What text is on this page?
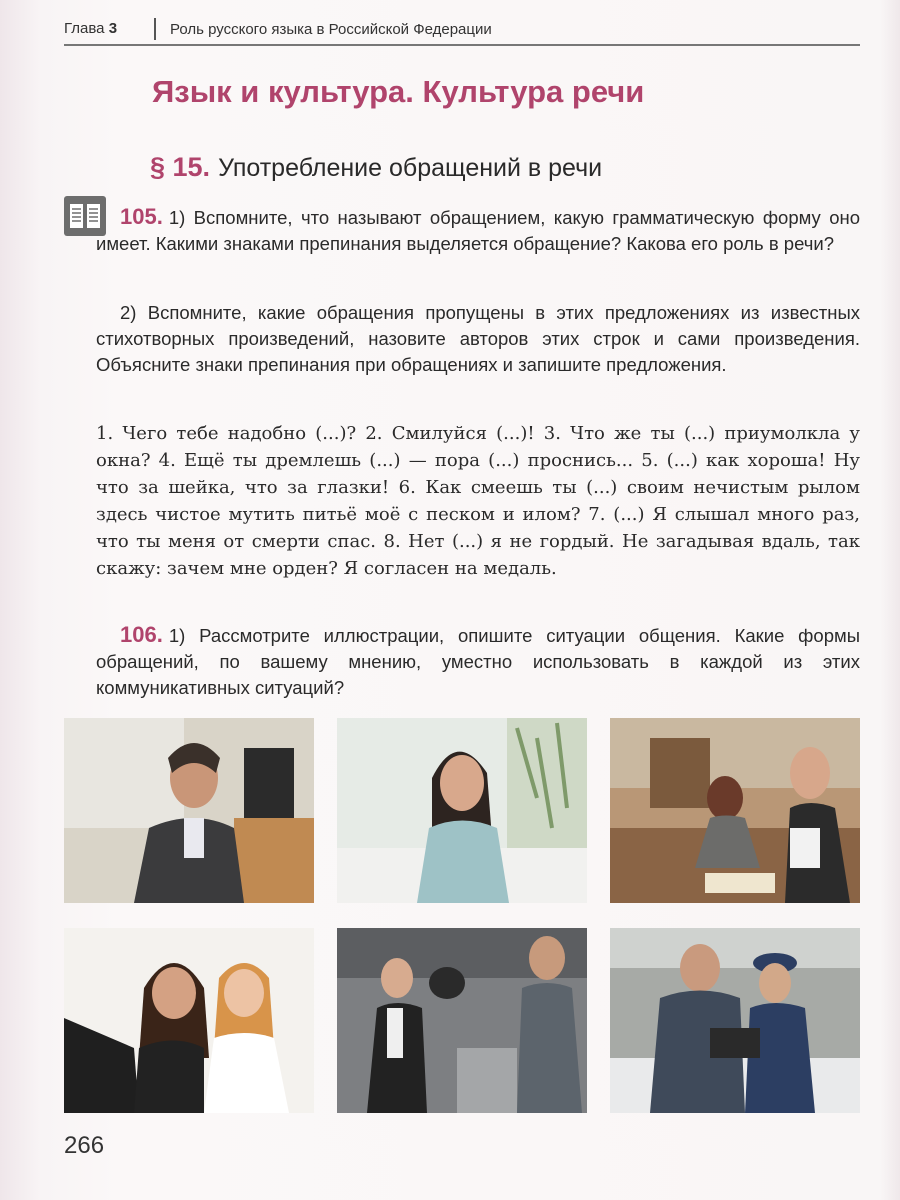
Глава 3	Роль русского языка в Российской Федерации
Язык и культура. Культура речи
§ 15. Употребление обращений в речи
105. 1) Вспомните, что называют обращением, какую грамматическую форму оно имеет. Какими знаками препинания выделяется обращение? Какова его роль в речи?
2) Вспомните, какие обращения пропущены в этих предложениях из известных стихотворных произведений, назовите авторов этих строк и сами произведения. Объясните знаки препинания при обращениях и запишите предложения.
1. Чего тебе надобно (...)? 2. Смилуйся (...)! 3. Что же ты (...) приумолкла у окна? 4. Ещё ты дремлешь (...) — пора (...) проснись... 5. (...) как хороша! Ну что за шейка, что за глазки! 6. Как смеешь ты (...) своим нечистым рылом здесь чистое мутить питьё моё с песком и илом? 7. (...) Я слышал много раз, что ты меня от смерти спас. 8. Нет (...) я не гордый. Не загадывая вдаль, так скажу: зачем мне орден? Я согласен на медаль.
106. 1) Рассмотрите иллюстрации, опишите ситуации общения. Какие формы обращений, по вашему мнению, уместно использовать в каждой из этих коммуникативных ситуаций?
266
